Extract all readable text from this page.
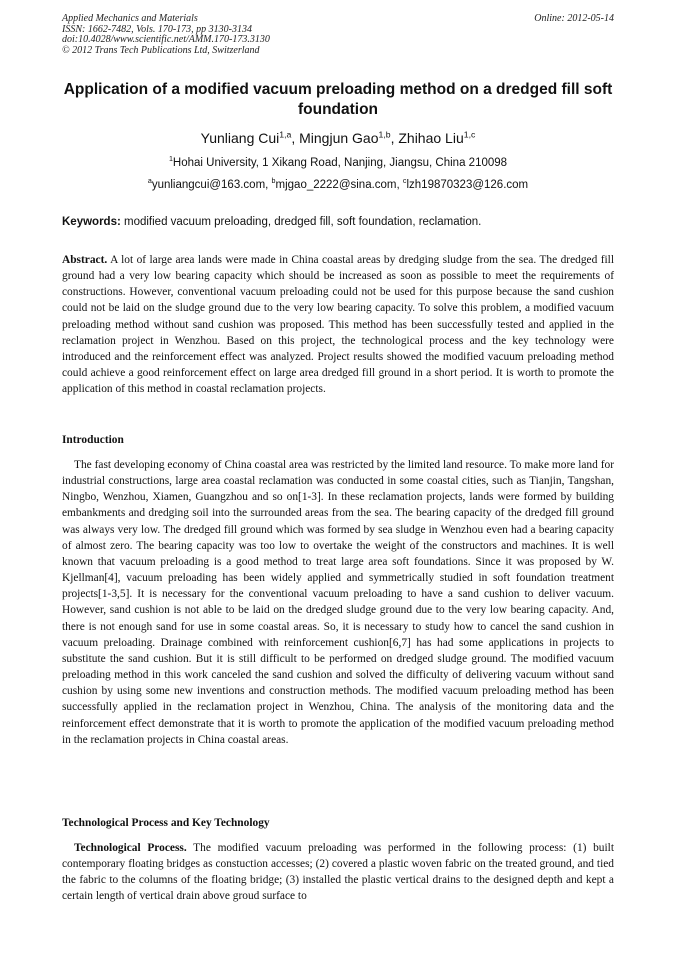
Applied Mechanics and Materials
ISSN: 1662-7482, Vols. 170-173, pp 3130-3134
doi:10.4028/www.scientific.net/AMM.170-173.3130
© 2012 Trans Tech Publications Ltd, Switzerland
Online: 2012-05-14
Application of a modified vacuum preloading method on a dredged fill soft foundation
Yunliang Cui$^{1,a}$, Mingjun Gao$^{1,b}$, Zhihao Liu$^{1,c}$
$^1$Hohai University, 1 Xikang Road, Nanjing, Jiangsu, China 210098
$^a$yunliangcui@163.com, $^b$mjgao_2222@sina.com, $^c$lzh19870323@126.com
Keywords: modified vacuum preloading, dredged fill, soft foundation, reclamation.
Abstract. A lot of large area lands were made in China coastal areas by dredging sludge from the sea. The dredged fill ground had a very low bearing capacity which should be increased as soon as possible to meet the requirements of constructions. However, conventional vacuum preloading could not be used for this purpose because the sand cushion could not be laid on the sludge ground due to the very low bearing capacity. To solve this problem, a modified vacuum preloading method without sand cushion was proposed. This method has been successfully tested and applied in the reclamation project in Wenzhou. Based on this project, the technological process and the key technology were introduced and the reinforcement effect was analyzed. Project results showed the modified vacuum preloading method could achieve a good reinforcement effect on large area dredged fill ground in a short period. It is worth to promote the application of this method in coastal reclamation projects.
Introduction
The fast developing economy of China coastal area was restricted by the limited land resource. To make more land for industrial constructions, large area coastal reclamation was conducted in some coastal cities, such as Tianjin, Tangshan, Ningbo, Wenzhou, Xiamen, Guangzhou and so on[1-3]. In these reclamation projects, lands were formed by building embankments and dredging soil into the surrounded areas from the sea. The bearing capacity of the dredged fill ground was always very low. The dredged fill ground which was formed by sea sludge in Wenzhou even had a bearing capacity of almost zero. The bearing capacity was too low to overtake the weight of the constructors and machines. It is well known that vacuum preloading is a good method to treat large area soft foundations. Since it was proposed by W. Kjellman[4], vacuum preloading has been widely applied and symmetrically studied in soft foundation treatment projects[1-3,5]. It is necessary for the conventional vacuum preloading to have a sand cushion to deliver vacuum. However, sand cushion is not able to be laid on the dredged sludge ground due to the very low bearing capacity. And, there is not enough sand for use in some coastal areas. So, it is necessary to study how to cancel the sand cushion in vacuum preloading. Drainage combined with reinforcement cushion[6,7] has had some applications in projects to substitute the sand cushion. But it is still difficult to be performed on dredged sludge ground. The modified vacuum preloading method in this work canceled the sand cushion and solved the difficulty of delivering vacuum without sand cushion by using some new inventions and construction methods. The modified vacuum preloading method has been successfully applied in the reclamation project in Wenzhou, China. The analysis of the monitoring data and the reinforcement effect demonstrate that it is worth to promote the application of the modified vacuum preloading method in the reclamation projects in China coastal areas.
Technological Process and Key Technology
Technological Process. The modified vacuum preloading was performed in the following process: (1) built contemporary floating bridges as constuction accesses; (2) covered a plastic woven fabric on the treated ground, and tied the fabric to the columns of the floating bridge; (3) installed the plastic vertical drains to the designed depth and kept a certain length of vertical drain above groud surface to
